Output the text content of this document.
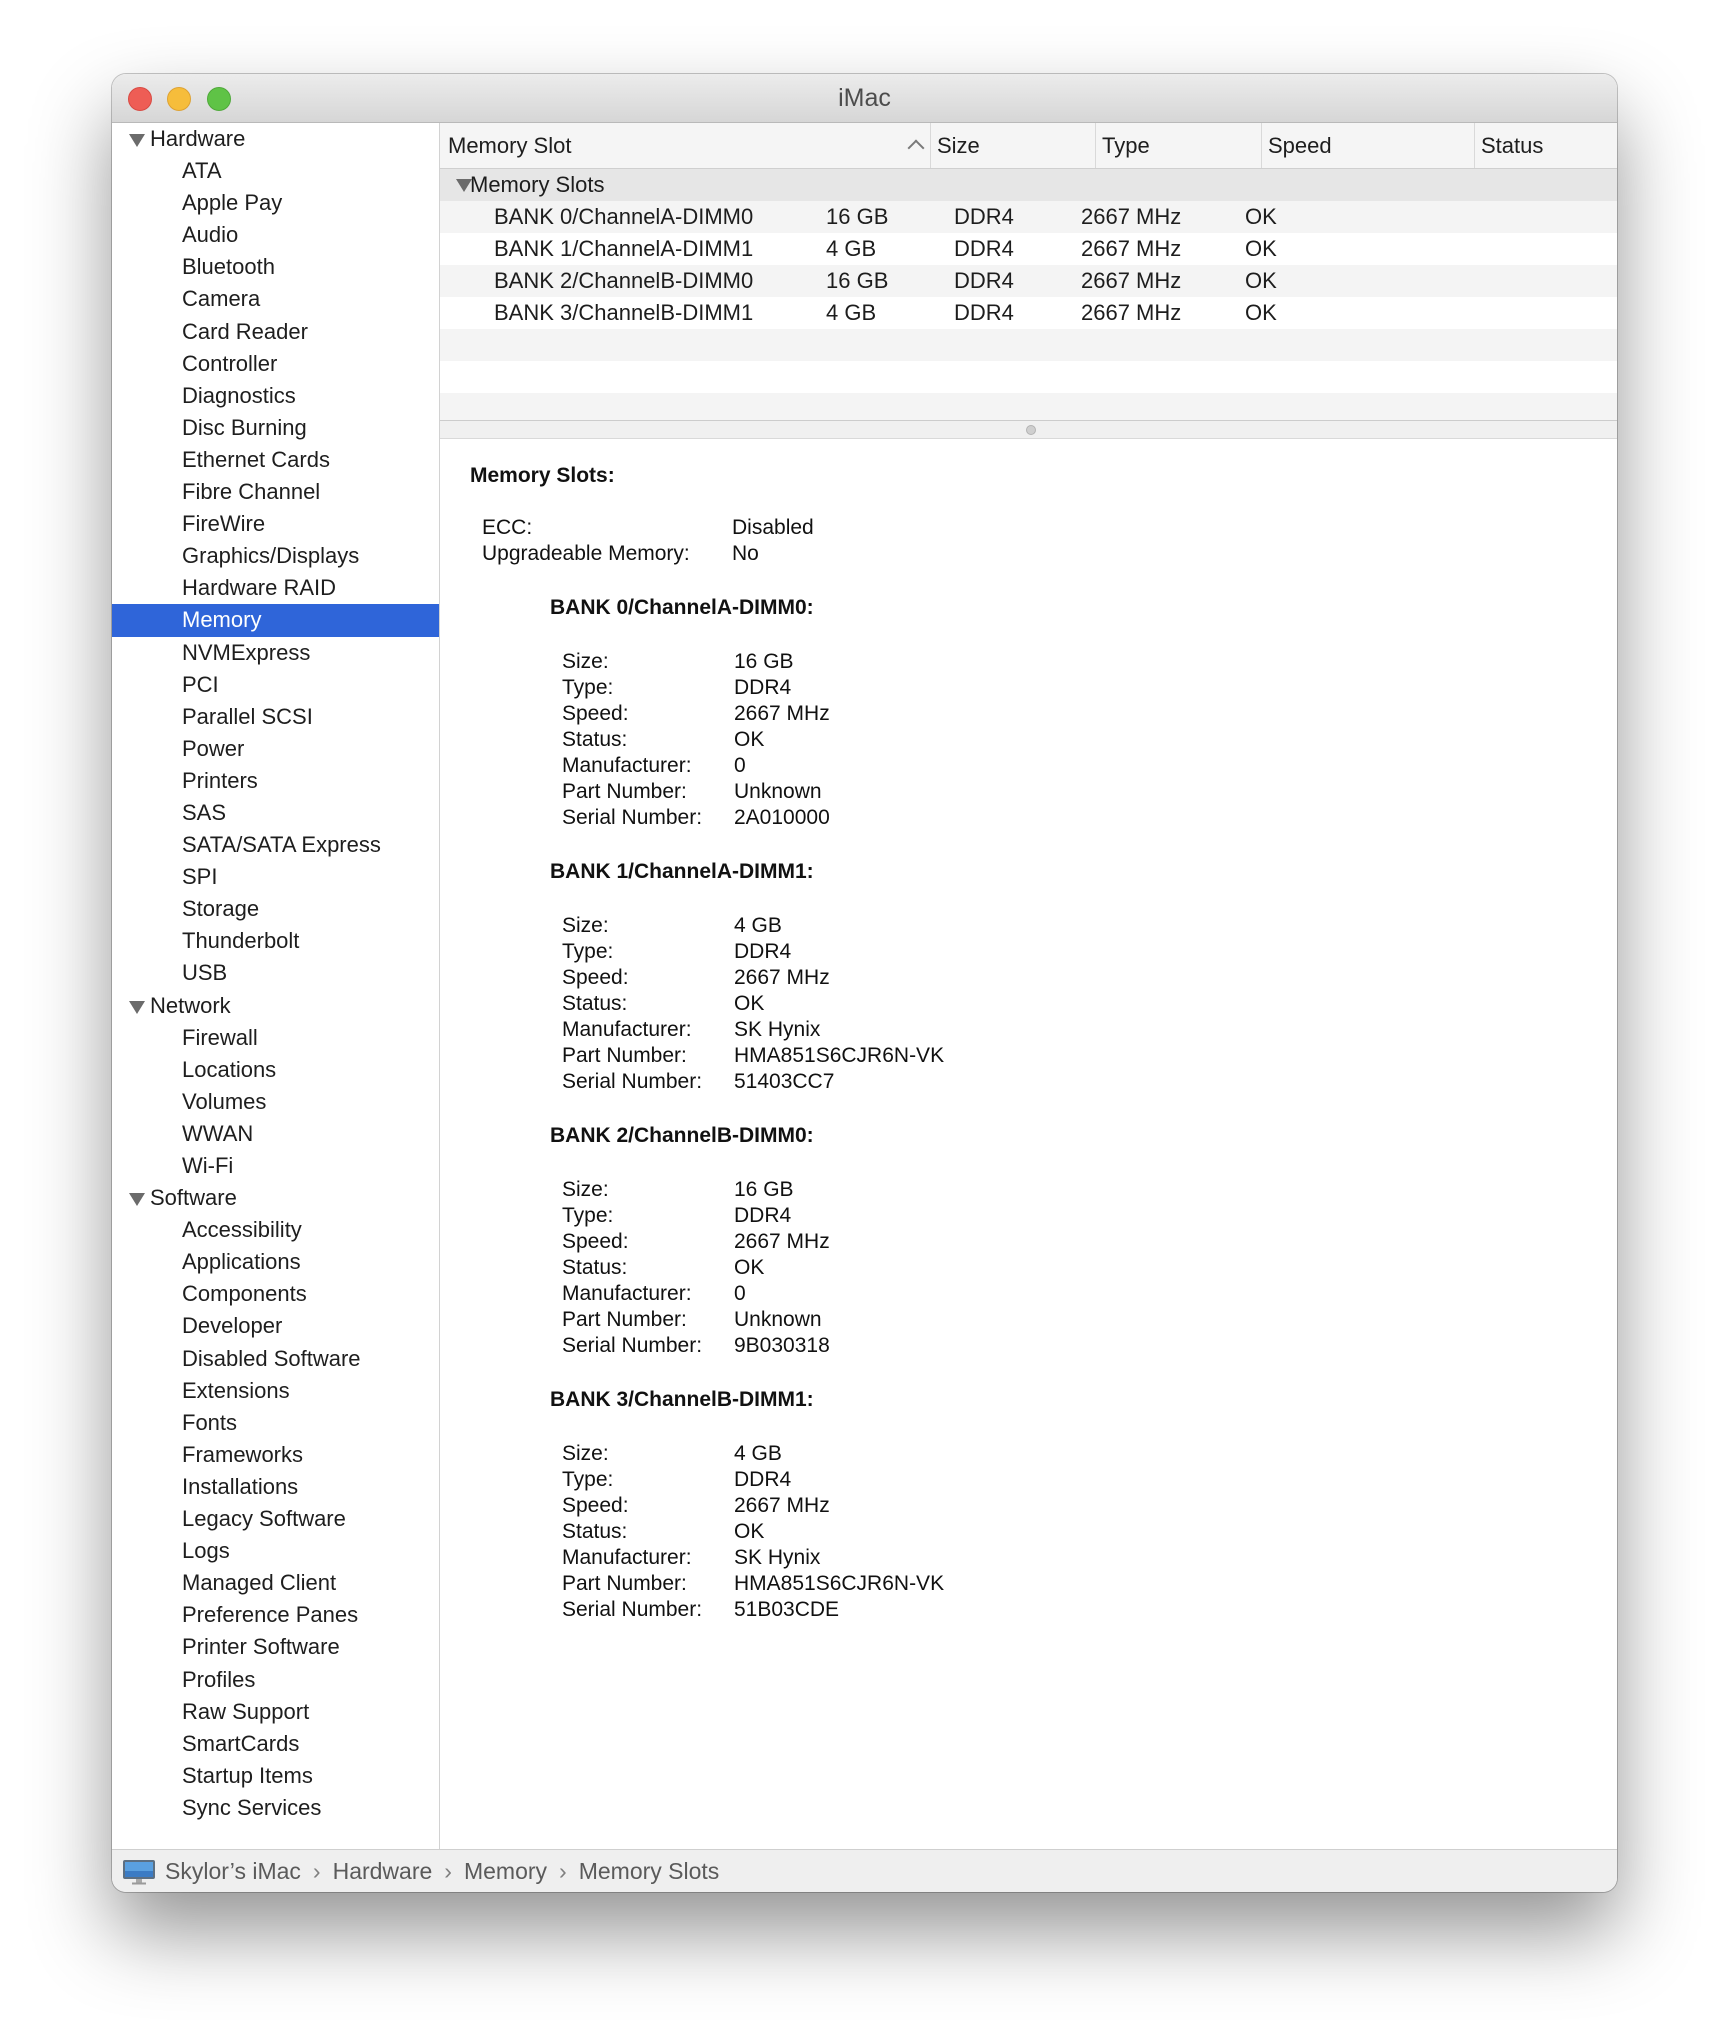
iMac
Hardware
ATA
Apple Pay
Audio
Bluetooth
Camera
Card Reader
Controller
Diagnostics
Disc Burning
Ethernet Cards
Fibre Channel
FireWire
Graphics/Displays
Hardware RAID
Memory
NVMExpress
PCI
Parallel SCSI
Power
Printers
SAS
SATA/SATA Express
SPI
Storage
Thunderbolt
USB
Network
Firewall
Locations
Volumes
WWAN
Wi-Fi
Software
Accessibility
Applications
Components
Developer
Disabled Software
Extensions
Fonts
Frameworks
Installations
Legacy Software
Logs
Managed Client
Preference Panes
Printer Software
Profiles
Raw Support
SmartCards
Startup Items
Sync Services
Memory Slot	Size	Type	Speed	Status
Memory Slots
BANK 0/ChannelA-DIMM0	16 GB	DDR4	2667 MHz	OK
BANK 1/ChannelA-DIMM1	4 GB	DDR4	2667 MHz	OK
BANK 2/ChannelB-DIMM0	16 GB	DDR4	2667 MHz	OK
BANK 3/ChannelB-DIMM1	4 GB	DDR4	2667 MHz	OK
Memory Slots:
ECC:	Disabled
Upgradeable Memory: No
BANK 0/ChannelA-DIMM0:
Size:	16 GB
Type:	DDR4
Speed:	2667 MHz
Status:	OK
Manufacturer: 0
Part Number: Unknown
Serial Number: 2A010000
BANK 1/ChannelA-DIMM1:
Size:	4 GB
Type:	DDR4
Speed:	2667 MHz
Status:	OK
Manufacturer: SK Hynix
Part Number: HMA851S6CJR6N-VK
Serial Number: 51403CC7
BANK 2/ChannelB-DIMM0:
Size:	16 GB
Type:	DDR4
Speed:	2667 MHz
Status:	OK
Manufacturer: 0
Part Number: Unknown
Serial Number: 9B030318
BANK 3/ChannelB-DIMM1:
Size:	4 GB
Type:	DDR4
Speed:	2667 MHz
Status:	OK
Manufacturer: SK Hynix
Part Number: HMA851S6CJR6N-VK
Serial Number: 51B03CDE
Skylor’s iMac › Hardware › Memory › Memory Slots
